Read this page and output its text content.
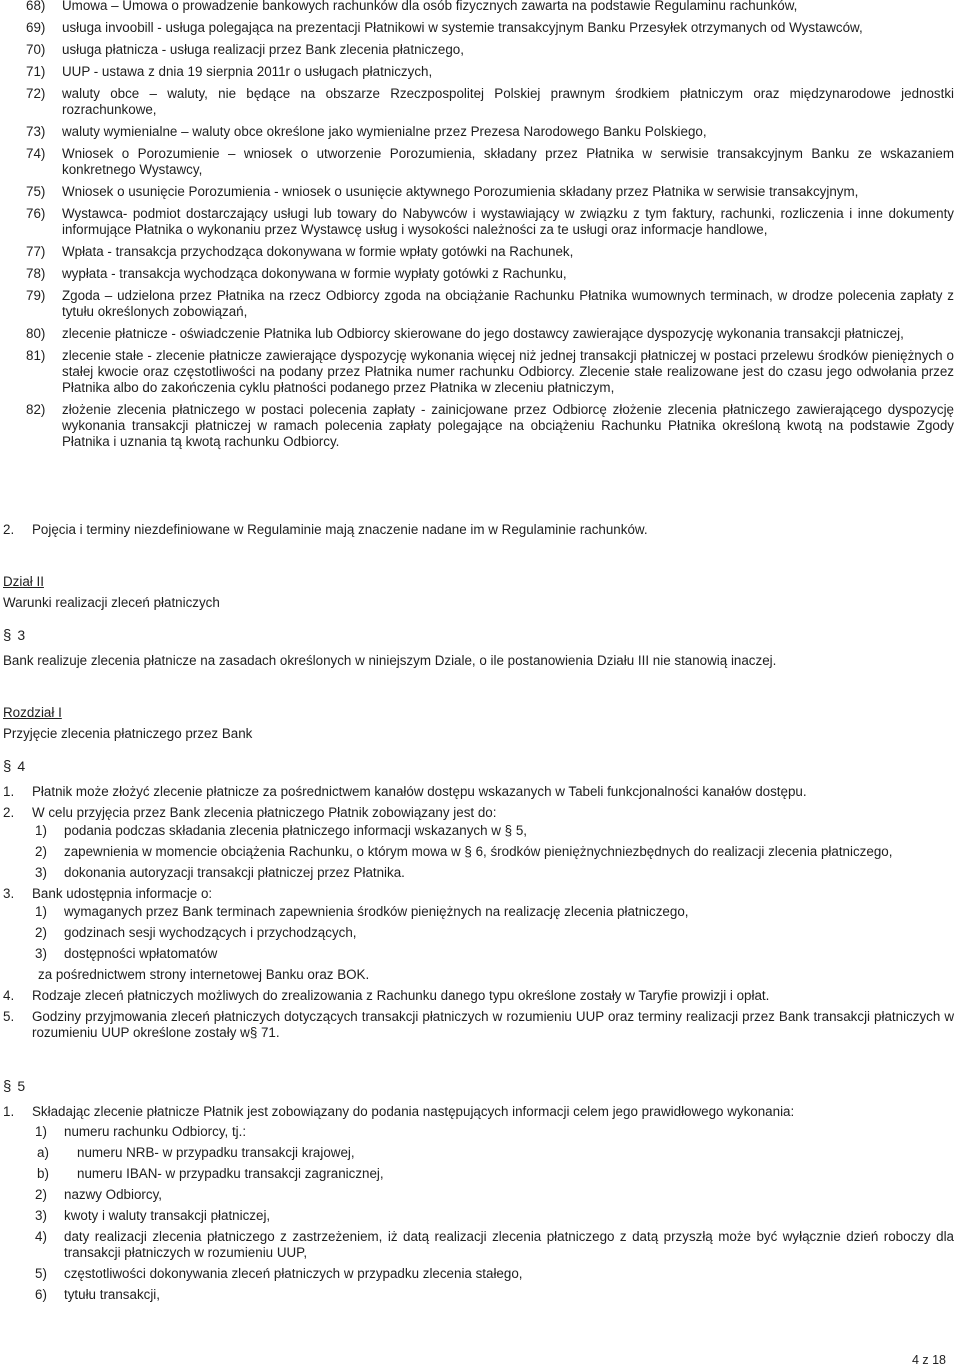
68) Umowa – Umowa o prowadzenie bankowych rachunków dla osób fizycznych zawarta na podstawie Regulaminu rachunków,
69) usługa invoobill - usługa polegająca na prezentacji Płatnikowi w systemie transakcyjnym Banku Przesyłek otrzymanych od Wystawców,
70) usługa płatnicza - usługa realizacji przez Bank zlecenia płatniczego,
71) UUP - ustawa z dnia 19 sierpnia 2011r o usługach płatniczych,
72) waluty obce – waluty, nie będące na obszarze Rzeczpospolitej Polskiej prawnym środkiem płatniczym oraz międzynarodowe jednostki rozrachunkowe,
73) waluty wymienialne – waluty obce określone jako wymienialne przez Prezesa Narodowego Banku Polskiego,
74) Wniosek o Porozumienie – wniosek o utworzenie Porozumienia, składany przez Płatnika w serwisie transakcyjnym Banku ze wskazaniem konkretnego Wystawcy,
75) Wniosek o usunięcie Porozumienia - wniosek o usunięcie aktywnego Porozumienia składany przez Płatnika w serwisie transakcyjnym,
76) Wystawca- podmiot dostarczający usługi lub towary do Nabywców i wystawiający w związku z tym faktury, rachunki, rozliczenia i inne dokumenty informujące Płatnika o wykonaniu przez Wystawcę usług i wysokości należności za te usługi oraz informacje handlowe,
77) Wpłata - transakcja przychodząca dokonywana w formie wpłaty gotówki na Rachunek,
78) wypłata - transakcja wychodząca dokonywana w formie wypłaty gotówki z Rachunku,
79) Zgoda – udzielona przez Płatnika na rzecz Odbiorcy zgoda na obciążanie Rachunku Płatnika wumownych terminach, w drodze polecenia zapłaty z tytułu określonych zobowiązań,
80) zlecenie płatnicze - oświadczenie Płatnika lub Odbiorcy skierowane do jego dostawcy zawierające dyspozycję wykonania transakcji płatniczej,
81) zlecenie stałe - zlecenie płatnicze zawierające dyspozycję wykonania więcej niż jednej transakcji płatniczej w postaci przelewu środków pieniężnych o stałej kwocie oraz częstotliwości na podany przez Płatnika numer rachunku Odbiorcy. Zlecenie stałe realizowane jest do czasu jego odwołania przez Płatnika albo do zakończenia cyklu płatności podanego przez Płatnika w zleceniu płatniczym,
82) złożenie zlecenia płatniczego w postaci polecenia zapłaty - zainicjowane przez Odbiorcę złożenie zlecenia płatniczego zawierającego dyspozycję wykonania transakcji płatniczej w ramach polecenia zapłaty polegające na obciążeniu Rachunku Płatnika określoną kwotą na podstawie Zgody Płatnika i uznania tą kwotą rachunku Odbiorcy.
2. Pojęcia i terminy niezdefiniowane w Regulaminie mają znaczenie nadane im w Regulaminie rachunków.
Dział II
Warunki realizacji zleceń płatniczych
§ 3
Bank realizuje zlecenia płatnicze na zasadach określonych w niniejszym Dziale, o ile postanowienia Działu III nie stanowią inaczej.
Rozdział I
Przyjęcie zlecenia płatniczego przez Bank
§ 4
1. Płatnik może złożyć zlecenie płatnicze za pośrednictwem kanałów dostępu wskazanych w Tabeli funkcjonalności kanałów dostępu.
2. W celu przyjęcia przez Bank zlecenia płatniczego Płatnik zobowiązany jest do:
1) podania podczas składania zlecenia płatniczego informacji wskazanych w § 5,
2) zapewnienia w momencie obciążenia Rachunku, o którym mowa w § 6, środków pieniężnychniezbędnych do realizacji zlecenia płatniczego,
3) dokonania autoryzacji transakcji płatniczej przez Płatnika.
3. Bank udostępnia informacje o:
1) wymaganych przez Bank terminach zapewnienia środków pieniężnych na realizację zlecenia płatniczego,
2) godzinach sesji wychodzących i przychodzących,
3) dostępności wpłatomatów
za pośrednictwem strony internetowej Banku oraz BOK.
4. Rodzaje zleceń płatniczych możliwych do zrealizowania z Rachunku danego typu określone zostały w Taryfie prowizji i opłat.
5. Godziny przyjmowania zleceń płatniczych dotyczących transakcji płatniczych w rozumieniu UUP oraz terminy realizacji przez Bank transakcji płatniczych w rozumieniu UUP określone zostały w§ 71.
§ 5
1. Składając zlecenie płatnicze Płatnik jest zobowiązany do podania następujących informacji celem jego prawidłowego wykonania:
1) numeru rachunku Odbiorcy, tj.:
a) numeru NRB- w przypadku transakcji krajowej,
b) numeru IBAN- w przypadku transakcji zagranicznej,
2) nazwy Odbiorcy,
3) kwoty i waluty transakcji płatniczej,
4) daty realizacji zlecenia płatniczego z zastrzeżeniem, iż datą realizacji zlecenia płatniczego z datą przyszłą może być wyłącznie dzień roboczy dla transakcji płatniczych w rozumieniu UUP,
5) częstotliwości dokonywania zleceń płatniczych w przypadku zlecenia stałego,
6) tytułu transakcji,
4 z 18
